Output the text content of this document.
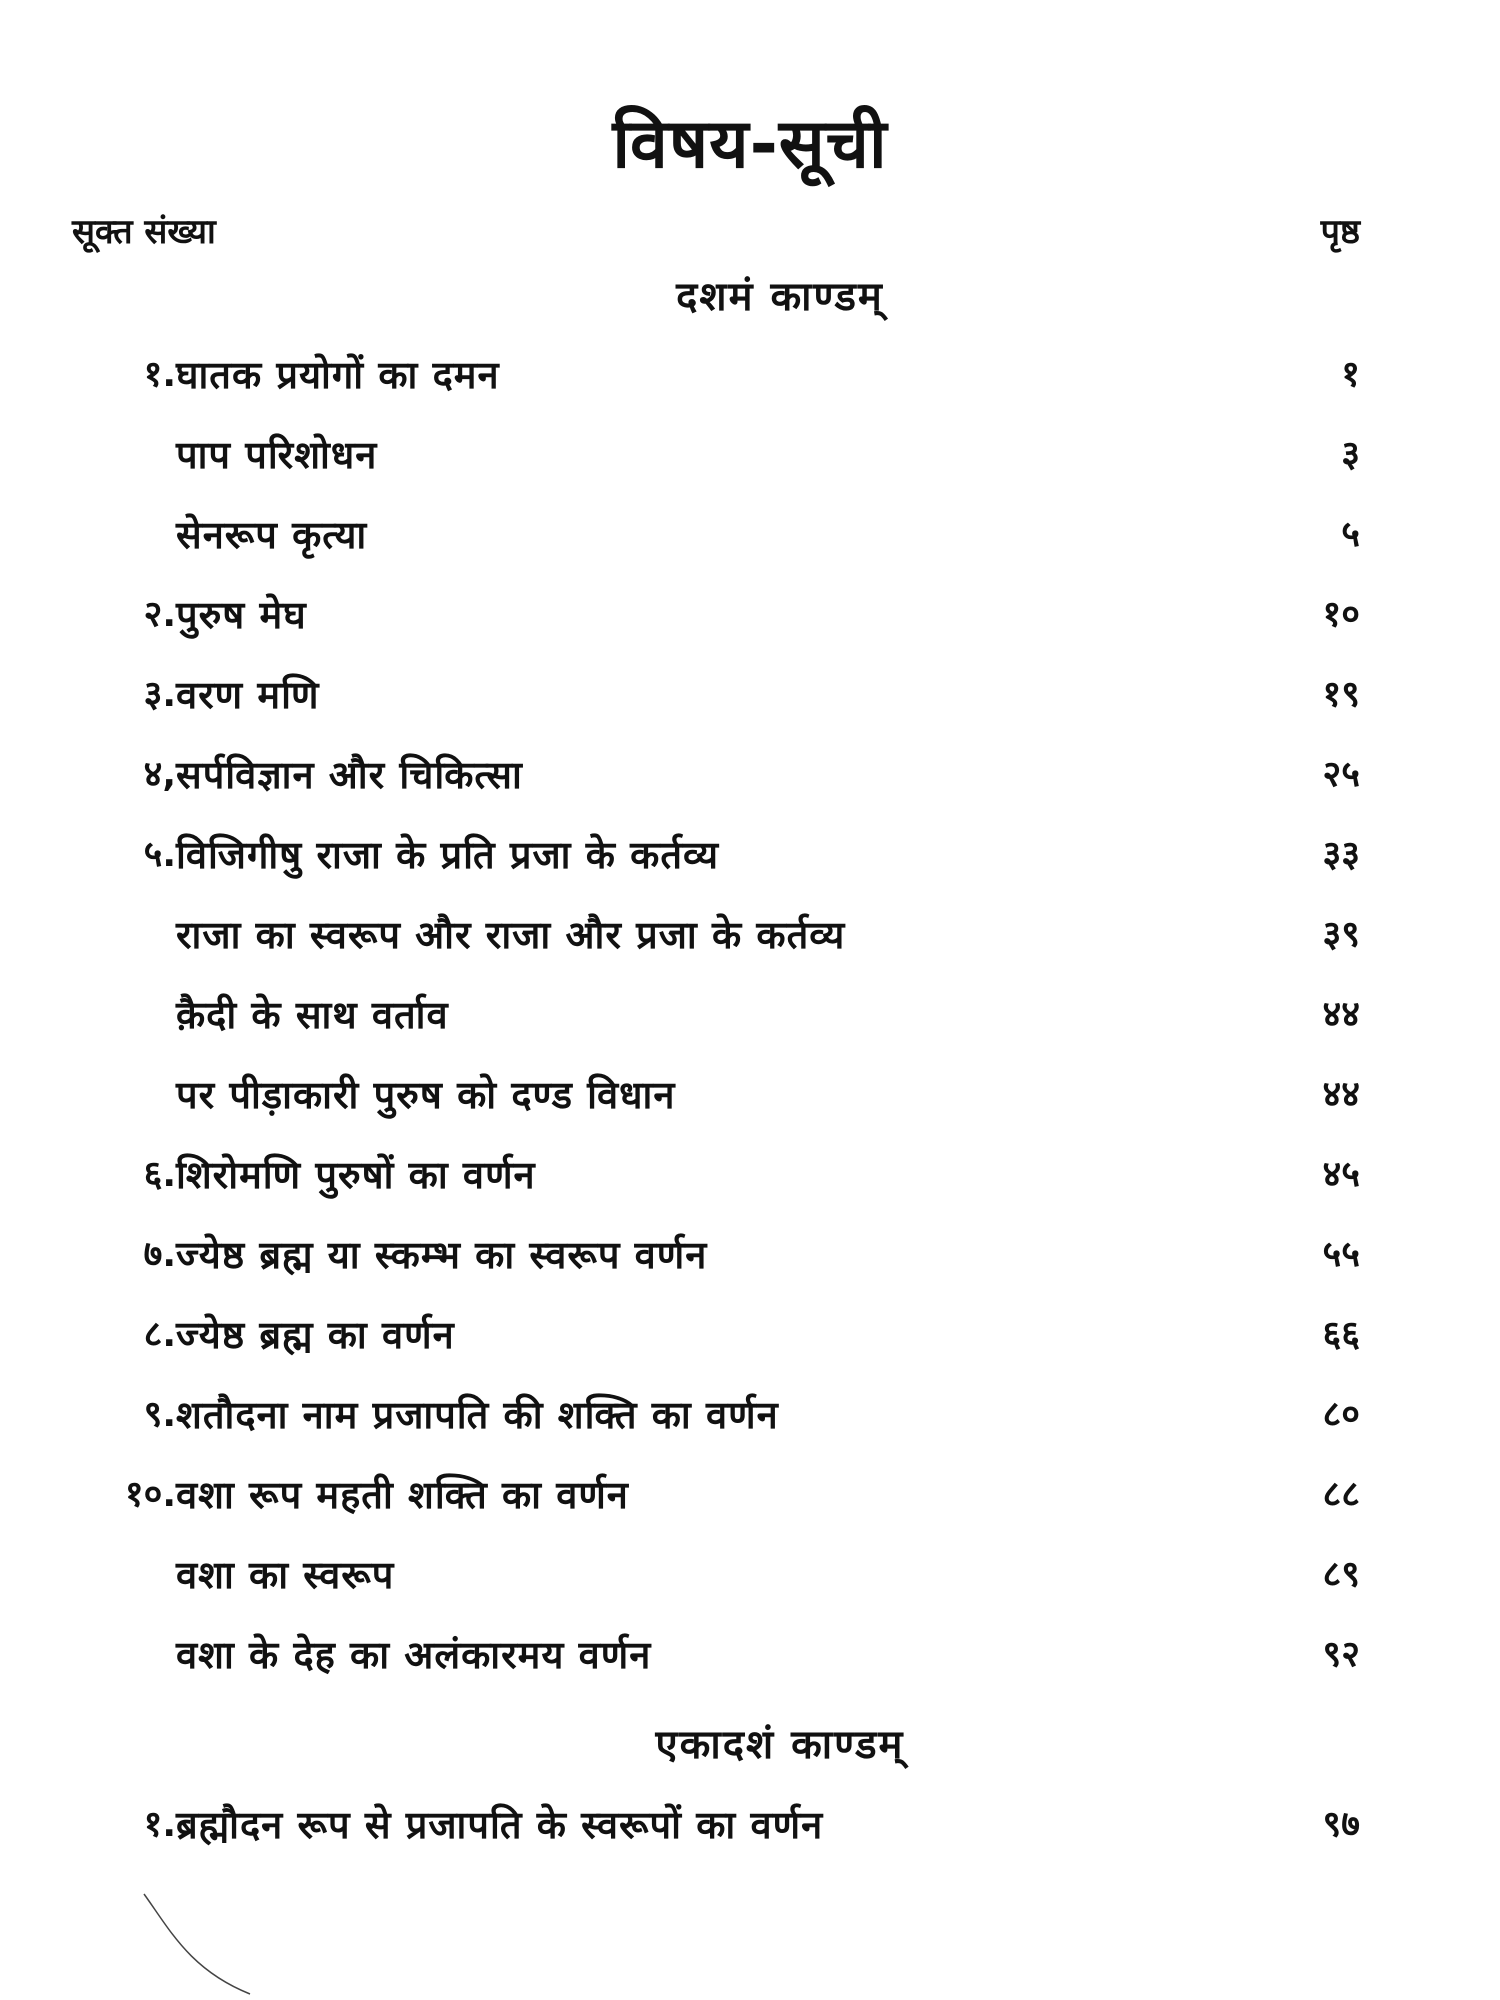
विषय-सूची
सूक्त संख्या	पृष्ठ
दशमं काण्डम्
१. घातक प्रयोगों का दमन	१
पाप परिशोधन	३
सेनरूप कृत्या	५
२. पुरुष मेघ	१०
३. वरण मणि	१९
४, सर्पविज्ञान और चिकित्सा	२५
५. विजिगीषु राजा के प्रति प्रजा के कर्तव्य	३३
राजा का स्वरूप और राजा और प्रजा के कर्तव्य	३९
क़ैदी के साथ वर्ताव	४४
पर पीड़ाकारी पुरुष को दण्ड विधान	४४
६. शिरोमणि पुरुषों का वर्णन	४५
७. ज्येष्ठ ब्रह्म या स्कम्भ का स्वरूप वर्णन	५५
८. ज्येष्ठ ब्रह्म का वर्णन	६६
९. शतौदना नाम प्रजापति की शक्ति का वर्णन	८०
१०. वशा रूप महती शक्ति का वर्णन	८८
वशा का स्वरूप	८९
वशा के देह का अलंकारमय वर्णन	९२
एकादशं काण्डम्
१. ब्रह्मौदन रूप से प्रजापति के स्वरूपों का वर्णन	९७
